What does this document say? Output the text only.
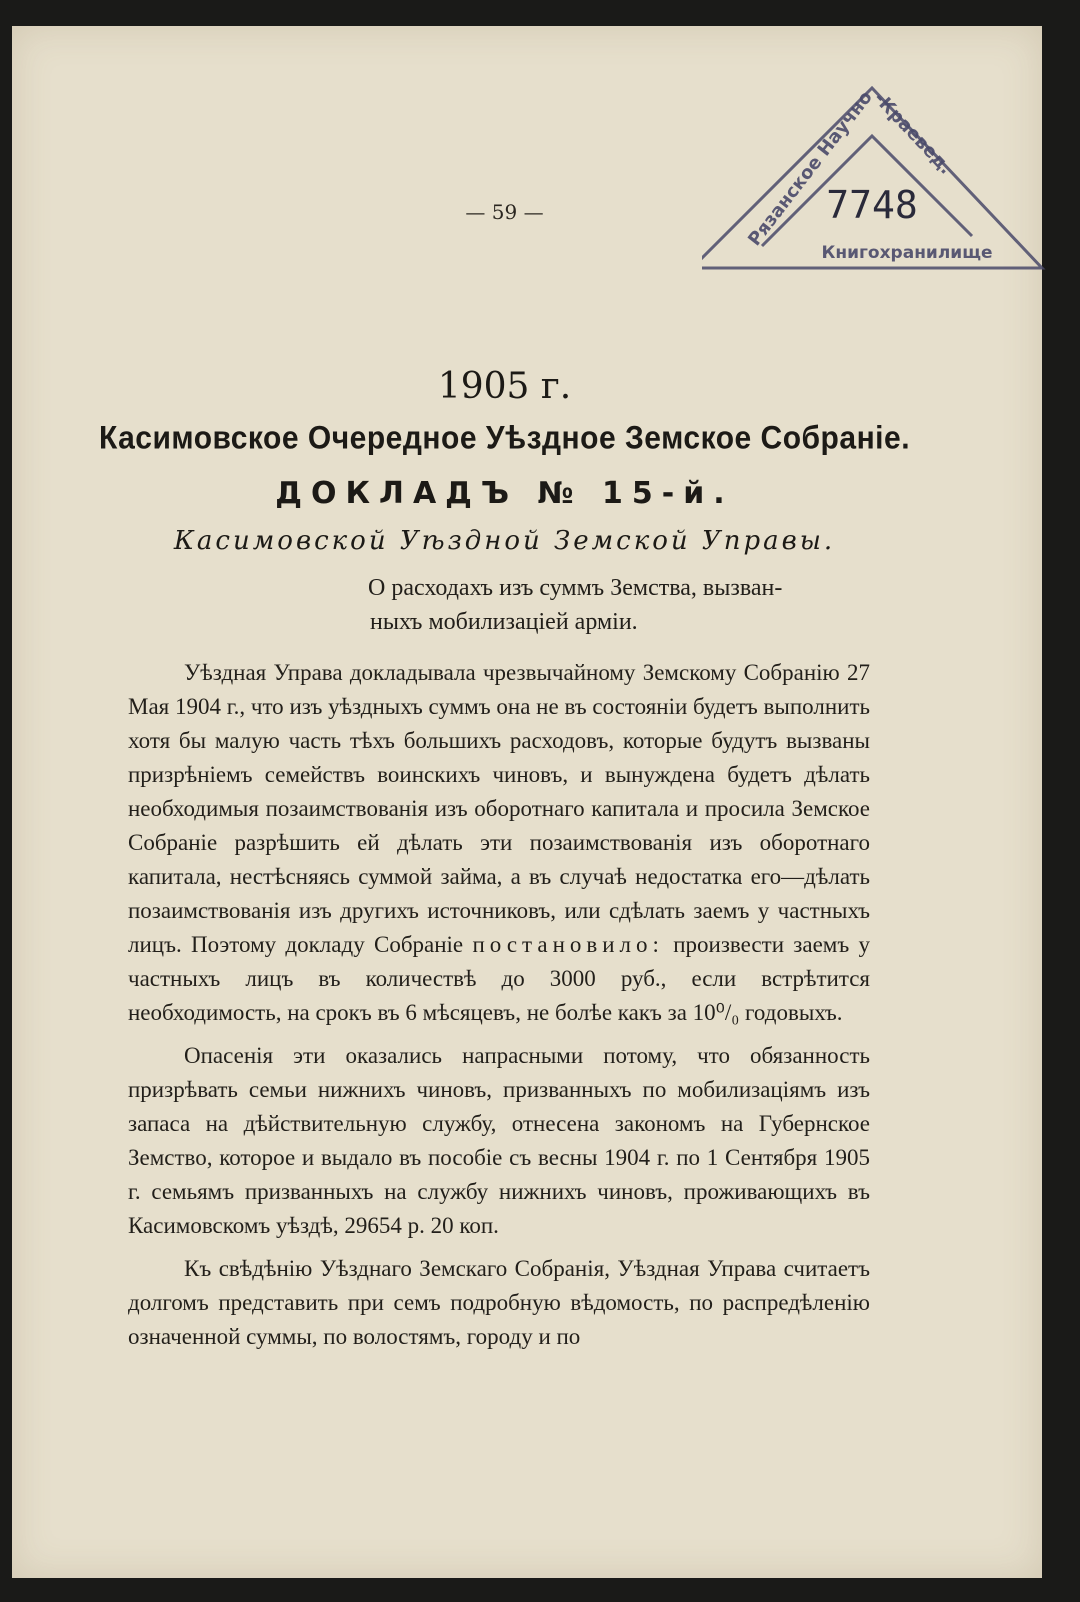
— 59 —
Рязанское Научно-Краевед.
7748
Книгохранилище
1905 г.
Касимовское Очередное Уѣздное Земское Собраніе.
ДОКЛАДЪ № 15-й.
Касимовской Уѣздной Земской Управы.
О расходахъ изъ суммъ Земства, вызван-
ныхъ мобилизаціей арміи.

Уѣздная Управа докладывала чрезвычайному Земскому Собранію 27 Мая 1904 г., что изъ уѣздныхъ суммъ она не въ состояніи будетъ выполнить хотя бы малую часть тѣхъ большихъ расходовъ, которые будутъ вызваны призрѣніемъ семействъ воинскихъ чиновъ, и вынуждена будетъ дѣлать необходимыя позаимствованія изъ оборотнаго капитала и просила Земское Собраніе разрѣшить ей дѣлать эти позаимствованія изъ оборотнаго капитала, нестѣсняясь суммой займа, а въ случаѣ недостатка его—дѣлать позаимствованія изъ другихъ источниковъ, или сдѣлать заемъ у частныхъ лицъ. Поэтому докладу Собраніе постановило: произвести заемъ у частныхъ лицъ въ количествѣ до 3000 руб., если встрѣтится необходимость, на срокъ въ 6 мѣсяцевъ, не болѣе какъ за 10⁰/₀ годовыхъ.

Опасенія эти оказались напрасными потому, что обязанность призрѣвать семьи нижнихъ чиновъ, призванныхъ по мобилизаціямъ изъ запаса на дѣйствительную службу, отнесена закономъ на Губернское Земство, которое и выдало въ пособіе съ весны 1904 г. по 1 Сентября 1905 г. семьямъ призванныхъ на службу нижнихъ чиновъ, проживающихъ въ Касимовскомъ уѣздѣ, 29654 р. 20 коп.

Къ свѣдѣнію Уѣзднаго Земскаго Собранія, Уѣздная Управа считаетъ долгомъ представить при семъ подробную вѣдомость, по распредѣленію означенной суммы, по волостямъ, городу и по
